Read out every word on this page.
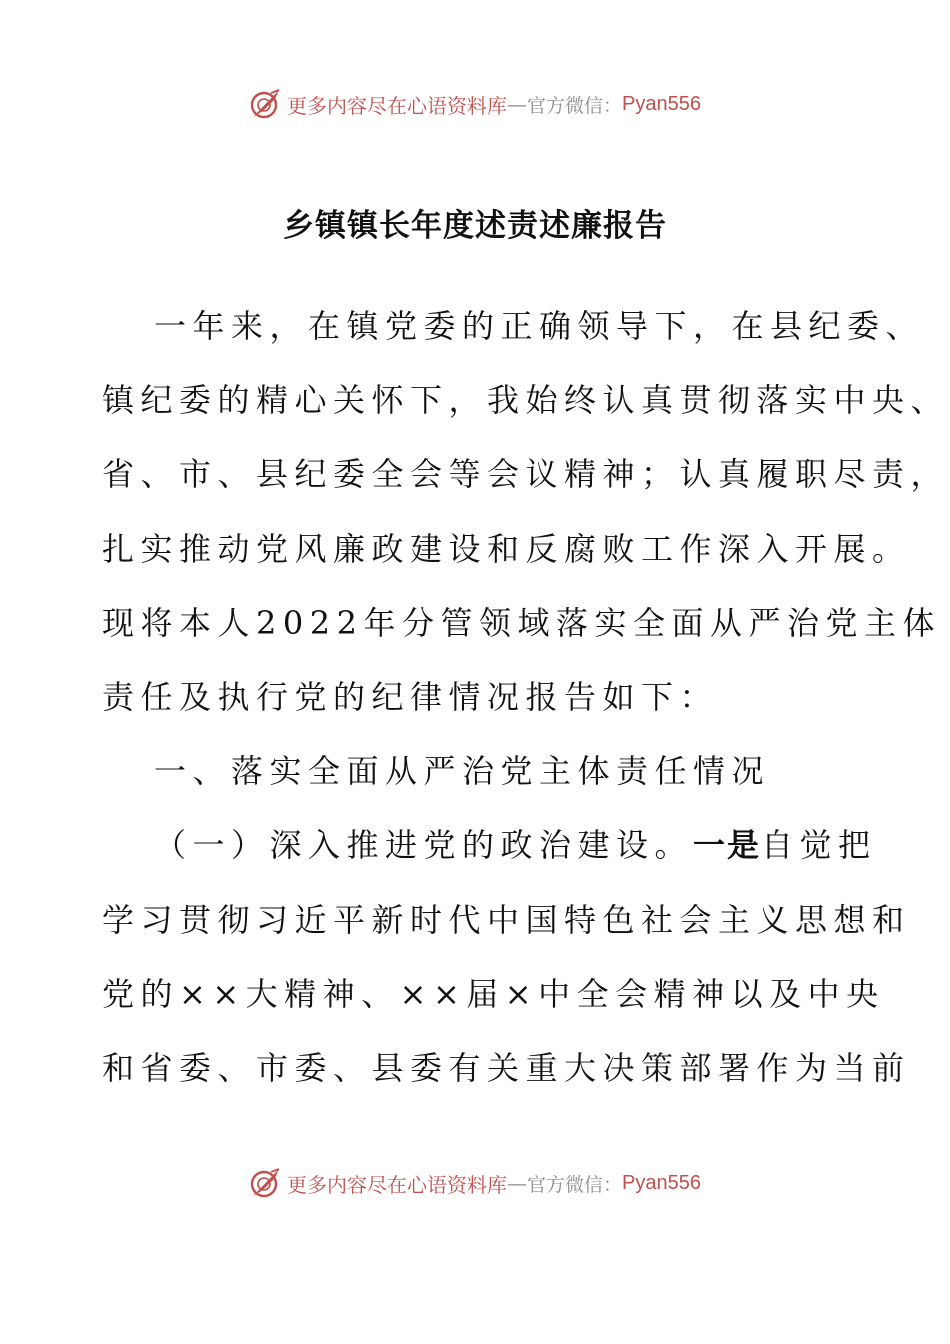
更多内容尽在心语资料库 — 官方微信： Pyan556
乡镇镇长年度述责述廉报告
一年来，在镇党委的正确领导下，在县纪委、
镇纪委的精心关怀下，我始终认真贯彻落实中央、
省、市、县纪委全会等会议精神；认真履职尽责，
扎实推动党风廉政建设和反腐败工作深入开展。
现将本人2022年分管领域落实全面从严治党主体
责任及执行党的纪律情况报告如下：
一、落实全面从严治党主体责任情况
（一）深入推进党的政治建设。一是自觉把
学习贯彻习近平新时代中国特色社会主义思想和
党的××大精神、××届×中全会精神以及中央
和省委、市委、县委有关重大决策部署作为当前
更多内容尽在心语资料库 — 官方微信： Pyan556
